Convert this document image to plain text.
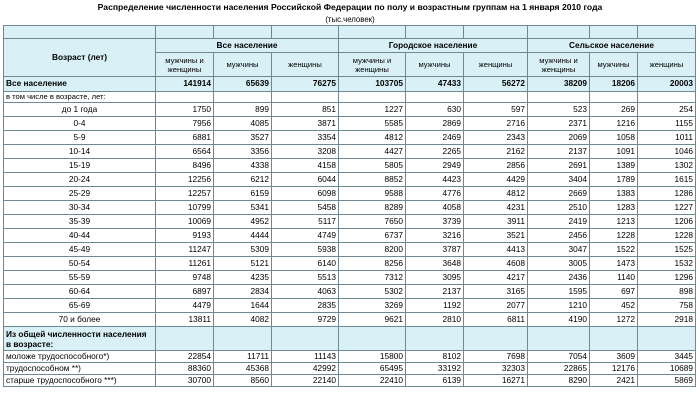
Распределение численности населения Российской Федерации по полу и возрастным группам на 1 января 2010 года
(тыс.человек)

Возраст (лет)	Все население			Городское население			Сельское население		
	мужчины и женщины	мужчины	женщины	мужчины и женщины	мужчины	женщины	мужчины и женщины	мужчины	женщины
Все население	141914	65639	76275	103705	47433	56272	38209	18206	20003
в том числе в возрасте, лет:									
до 1 года	1750	899	851	1227	630	597	523	269	254
0-4	7956	4085	3871	5585	2869	2716	2371	1216	1155
5-9	6881	3527	3354	4812	2469	2343	2069	1058	1011
10-14	6564	3356	3208	4427	2265	2162	2137	1091	1046
15-19	8496	4338	4158	5805	2949	2856	2691	1389	1302
20-24	12256	6212	6044	8852	4423	4429	3404	1789	1615
25-29	12257	6159	6098	9588	4776	4812	2669	1383	1286
30-34	10799	5341	5458	8289	4058	4231	2510	1283	1227
35-39	10069	4952	5117	7650	3739	3911	2419	1213	1206
40-44	9193	4444	4749	6737	3216	3521	2456	1228	1228
45-49	11247	5309	5938	8200	3787	4413	3047	1522	1525
50-54	11261	5121	6140	8256	3648	4608	3005	1473	1532
55-59	9748	4235	5513	7312	3095	4217	2436	1140	1296
60-64	6897	2834	4063	5302	2137	3165	1595	697	898
65-69	4479	1644	2835	3269	1192	2077	1210	452	758
70 и более	13811	4082	9729	9621	2810	6811	4190	1272	2918
Из общей численности населения в возрасте:									
моложе трудоспособного*)	22854	11711	11143	15800	8102	7698	7054	3609	3445
трудоспособном **)	88360	45368	42992	65495	33192	32303	22865	12176	10689
старше трудоспособного ***)	30700	8560	22140	22410	6139	16271	8290	2421	5869
